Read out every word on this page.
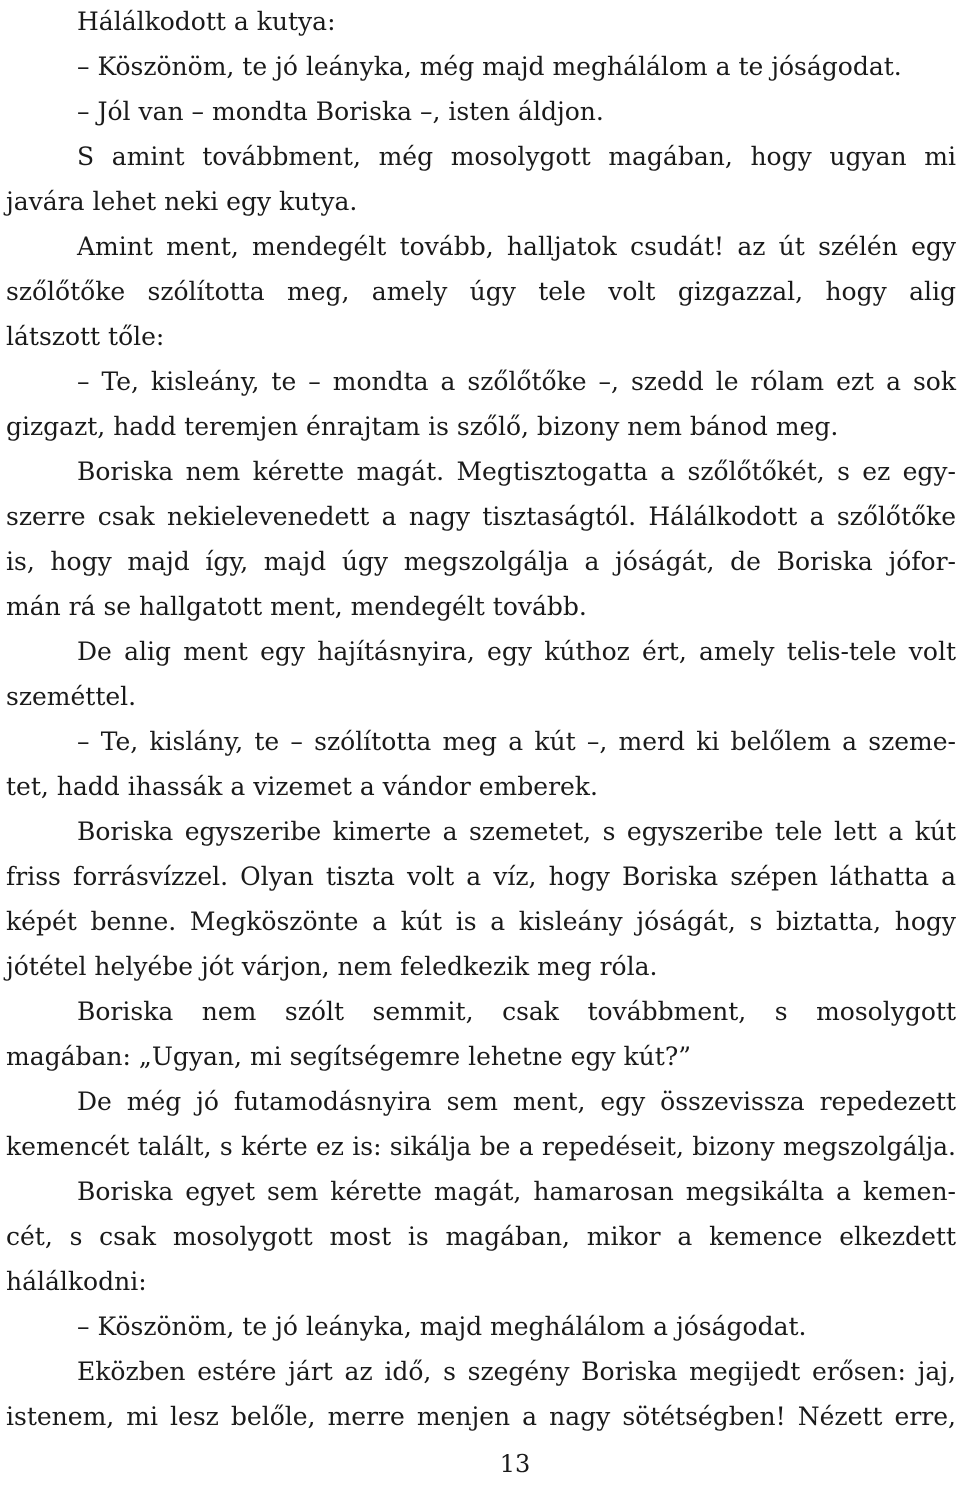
Hálálkodott a kutya:
– Köszönöm, te jó leányka, még majd meghálálom a te jóságodat.
– Jól van – mondta Boriska –, isten áldjon.
S amint továbbment, még mosolygott magában, hogy ugyan mi
javára lehet neki egy kutya.
Amint ment, mendegélt tovább, halljatok csudát! az út szélén egy
szőlőtőke szólította meg, amely úgy tele volt gizgazzal, hogy alig
látszott tőle:
– Te, kisleány, te – mondta a szőlőtőke –, szedd le rólam ezt a sok
gizgazt, hadd teremjen énrajtam is szőlő, bizony nem bánod meg.
Boriska nem kérette magát. Megtisztogatta a szőlőtőkét, s ez egy-
szerre csak nekielevenedett a nagy tisztaságtól. Hálálkodott a szőlőtőke
is, hogy majd így, majd úgy megszolgálja a jóságát, de Boriska jófor-
mán rá se hallgatott ment, mendegélt tovább.
De alig ment egy hajításnyira, egy kúthoz ért, amely telis-tele volt
szeméttel.
– Te, kislány, te – szólította meg a kút –, merd ki belőlem a szeme-
tet, hadd ihassák a vizemet a vándor emberek.
Boriska egyszeribe kimerte a szemetet, s egyszeribe tele lett a kút
friss forrásvízzel. Olyan tiszta volt a víz, hogy Boriska szépen láthatta a
képét benne. Megköszönte a kút is a kisleány jóságát, s biztatta, hogy
jótétel helyébe jót várjon, nem feledkezik meg róla.
Boriska nem szólt semmit, csak továbbment, s mosolygott
magában: „Ugyan, mi segítségemre lehetne egy kút?”
De még jó futamodásnyira sem ment, egy összevissza repedezett
kemencét talált, s kérte ez is: sikálja be a repedéseit, bizony megszolgálja.
Boriska egyet sem kérette magát, hamarosan megsikálta a kemen-
cét, s csak mosolygott most is magában, mikor a kemence elkezdett
hálálkodni:
– Köszönöm, te jó leányka, majd meghálálom a jóságodat.
Eközben estére járt az idő, s szegény Boriska megijedt erősen: jaj,
istenem, mi lesz belőle, merre menjen a nagy sötétségben! Nézett erre,
13
